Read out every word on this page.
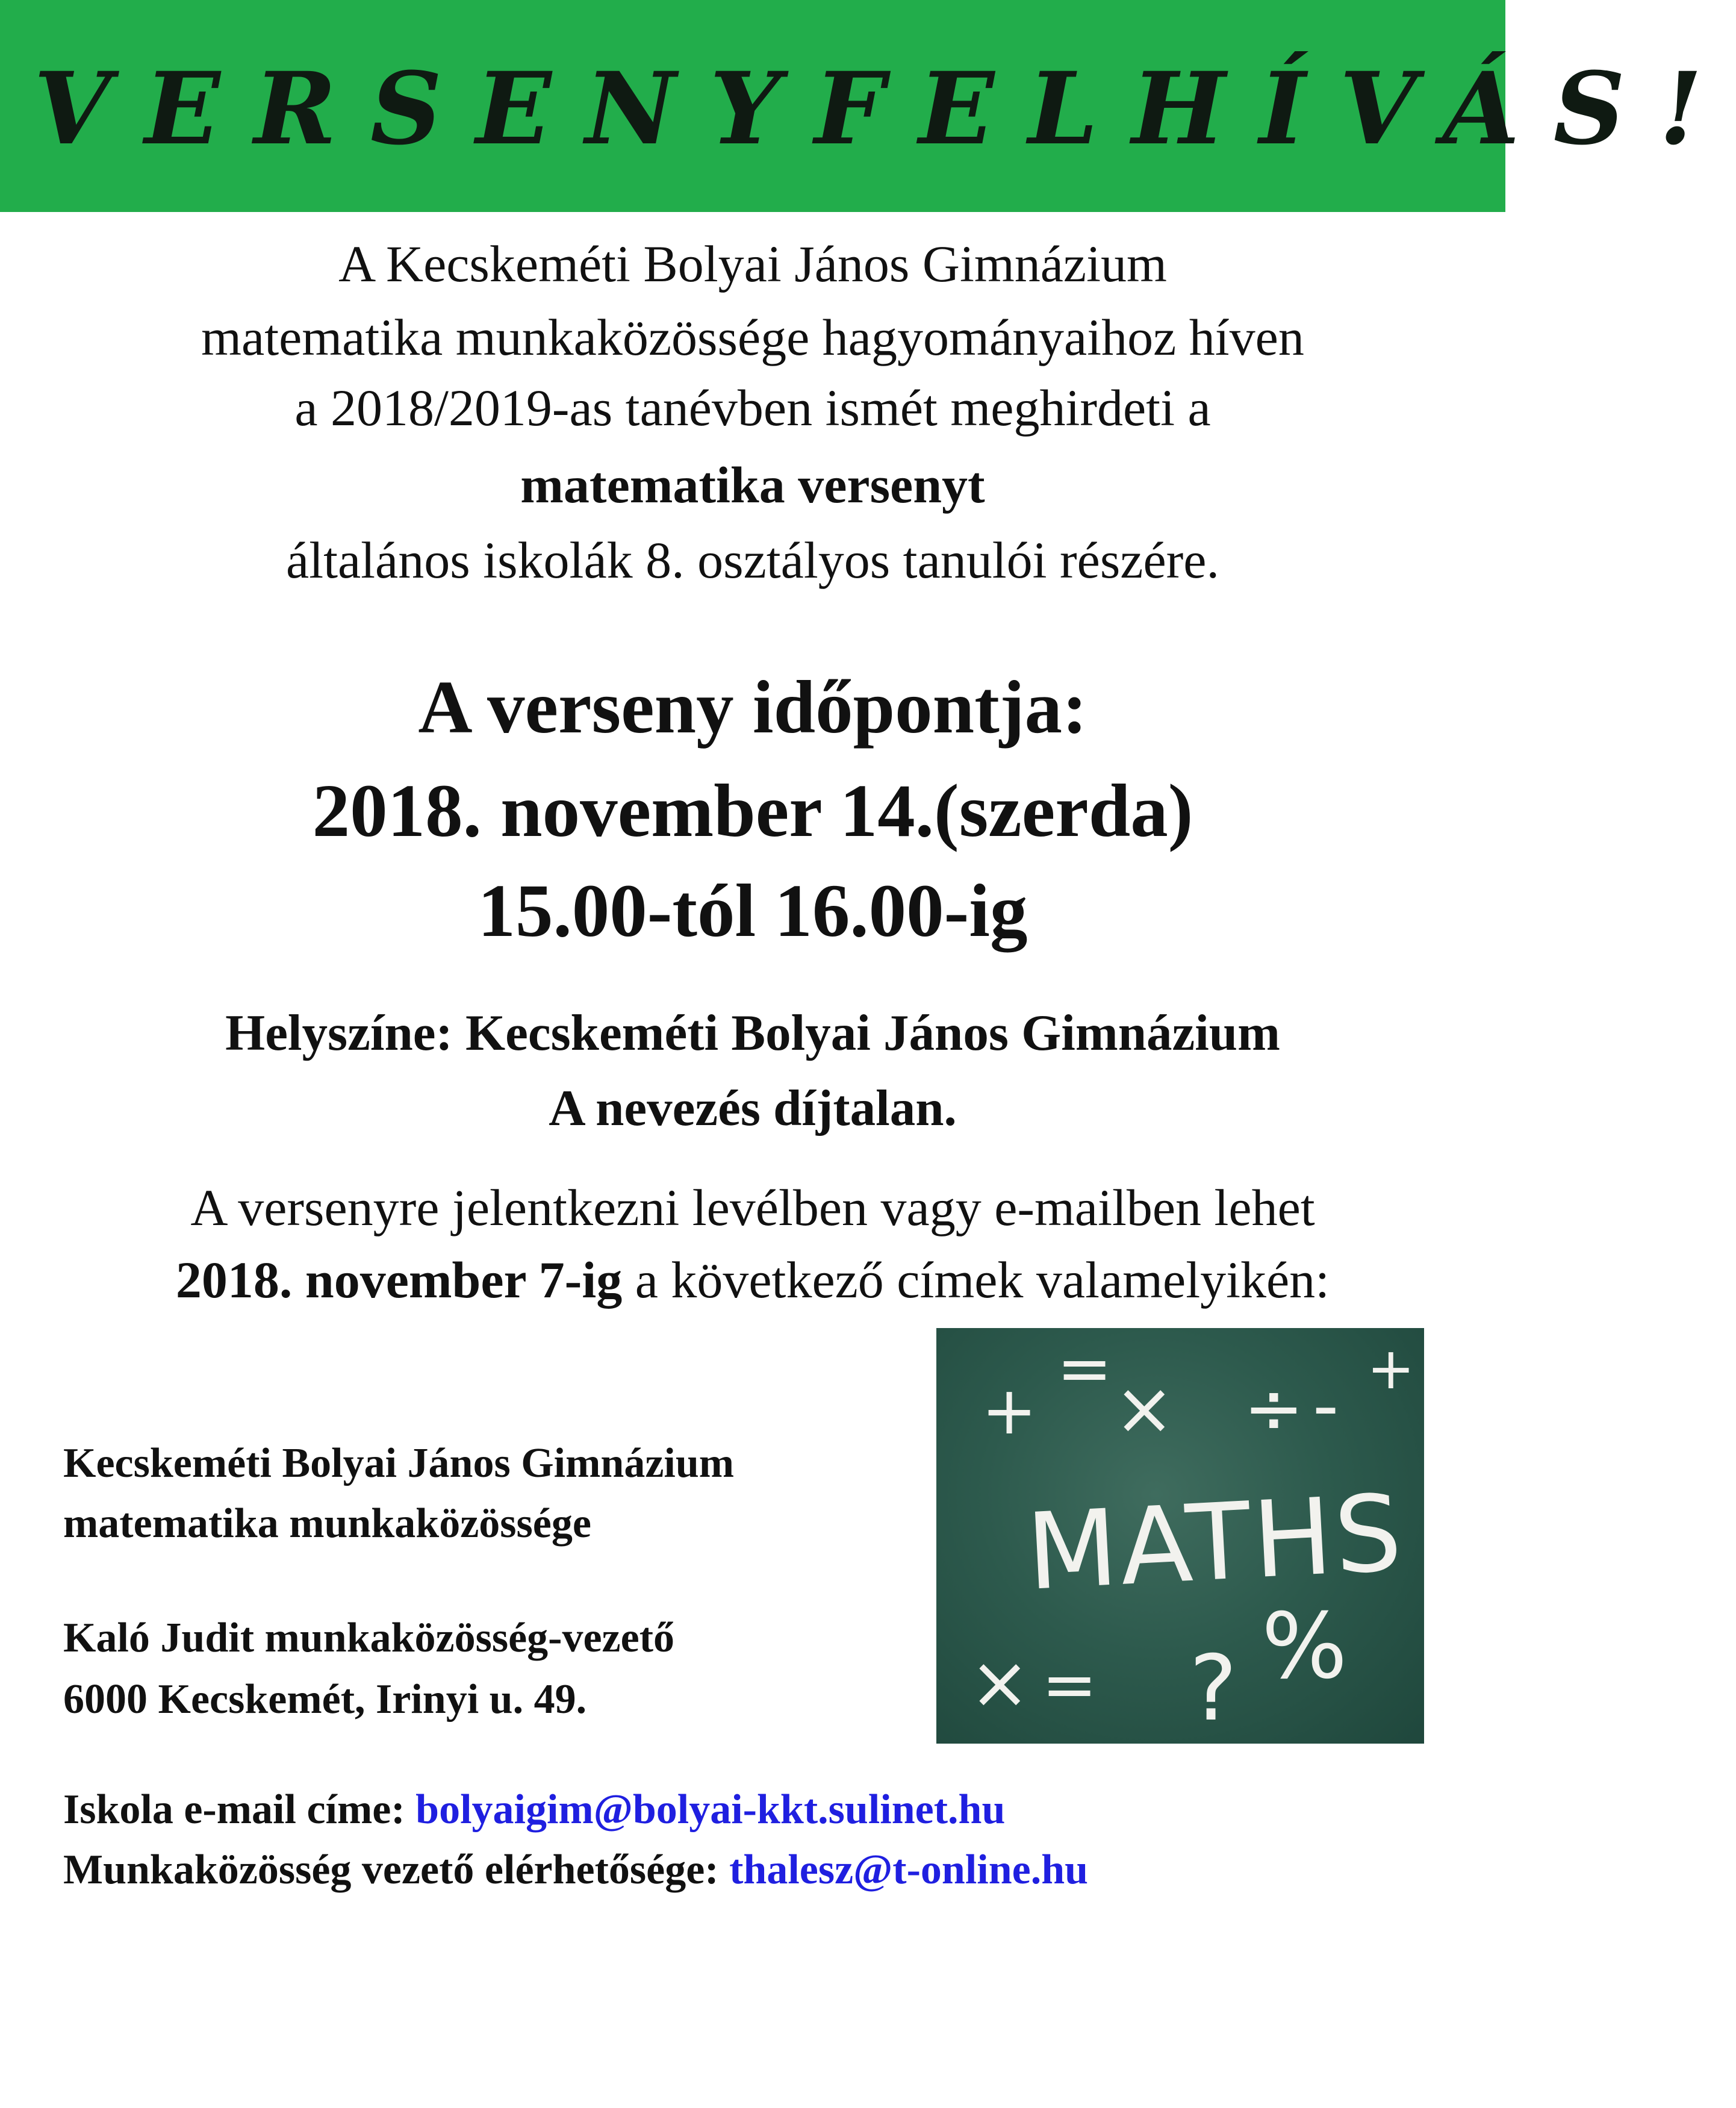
VERSENYFELHÍVÁS!
A Kecskeméti Bolyai János Gimnázium
matematika munkaközössége hagyományaihoz híven
a 2018/2019-as tanévben ismét meghirdeti a
matematika versenyt
általános iskolák 8. osztályos tanulói részére.
A verseny időpontja:
2018. november 14.(szerda)
15.00-tól 16.00-ig
Helyszíne: Kecskeméti Bolyai János Gimnázium
A nevezés díjtalan.
A versenyre jelentkezni levélben vagy e-mailben lehet
2018. november 7-ig a következő címek valamelyikén:
Kecskeméti Bolyai János Gimnázium
matematika munkaközössége
Kaló Judit munkaközösség-vezető
6000 Kecskemét, Irinyi u. 49.
Iskola e-mail címe: bolyaigim@bolyai-kkt.sulinet.hu
Munkaközösség vezető elérhetősége: thalesz@t-online.hu
+
= × ÷ - +
MATHS
× = ? %
